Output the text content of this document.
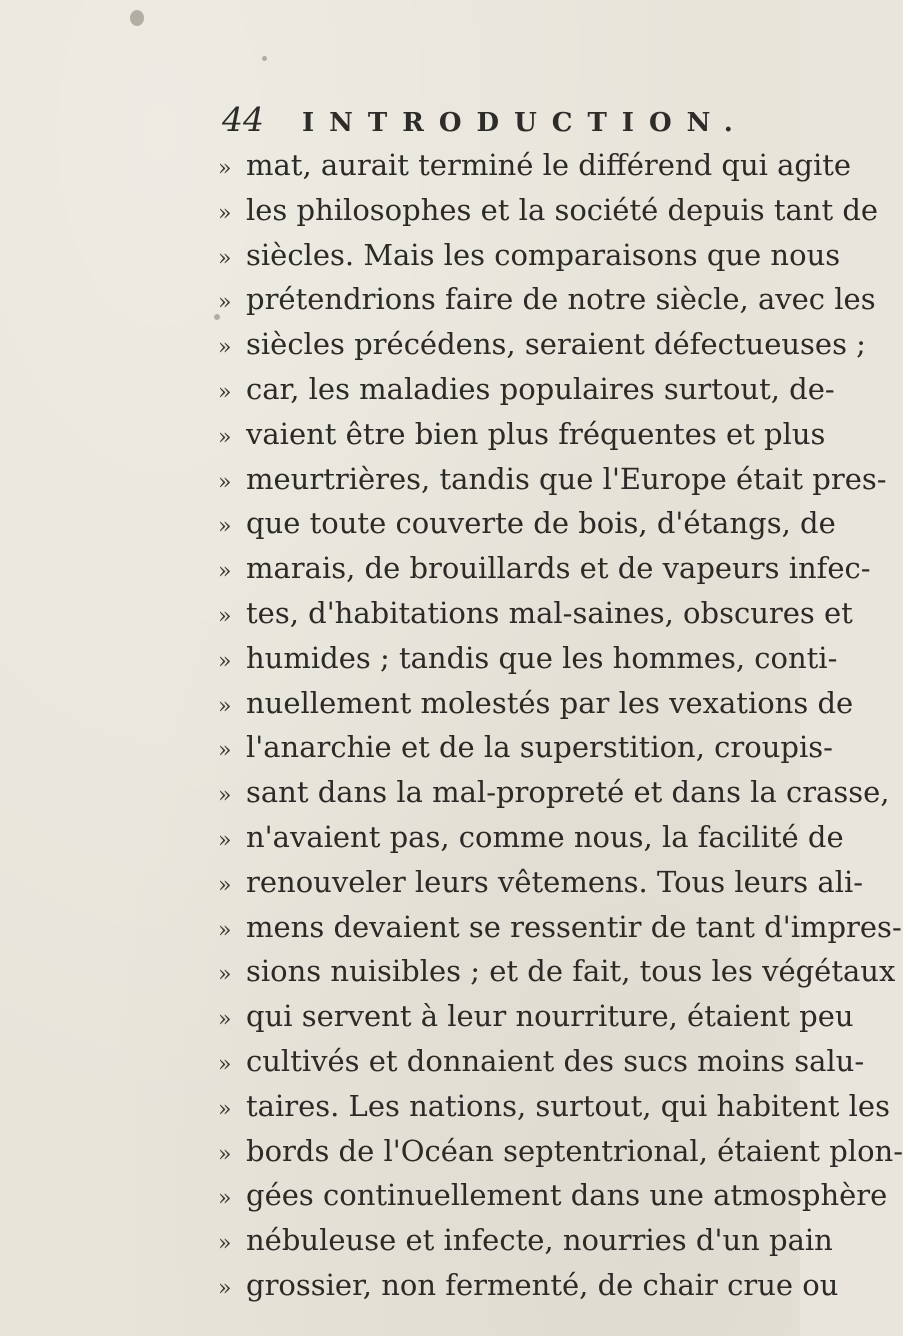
44	INTRODUCTION.
» mat, aurait terminé le différend qui agite
» les philosophes et la société depuis tant de
» siècles. Mais les comparaisons que nous
» prétendrions faire de notre siècle, avec les
» siècles précédens, seraient défectueuses ;
» car, les maladies populaires surtout, de-
» vaient être bien plus fréquentes et plus
» meurtrières, tandis que l'Europe était pres-
» que toute couverte de bois, d'étangs, de
» marais, de brouillards et de vapeurs infec-
» tes, d'habitations mal-saines, obscures et
» humides ; tandis que les hommes, conti-
» nuellement molestés par les vexations de
» l'anarchie et de la superstition, croupis-
» sant dans la mal-propreté et dans la crasse,
» n'avaient pas, comme nous, la facilité de
» renouveler leurs vêtemens. Tous leurs ali-
» mens devaient se ressentir de tant d'impres-
» sions nuisibles ; et de fait, tous les végétaux
» qui servent à leur nourriture, étaient peu
» cultivés et donnaient des sucs moins salu-
» taires. Les nations, surtout, qui habitent les
» bords de l'Océan septentrional, étaient plon-
» gées continuellement dans une atmosphère
» nébuleuse et infecte, nourries d'un pain
» grossier, non fermenté, de chair crue ou
